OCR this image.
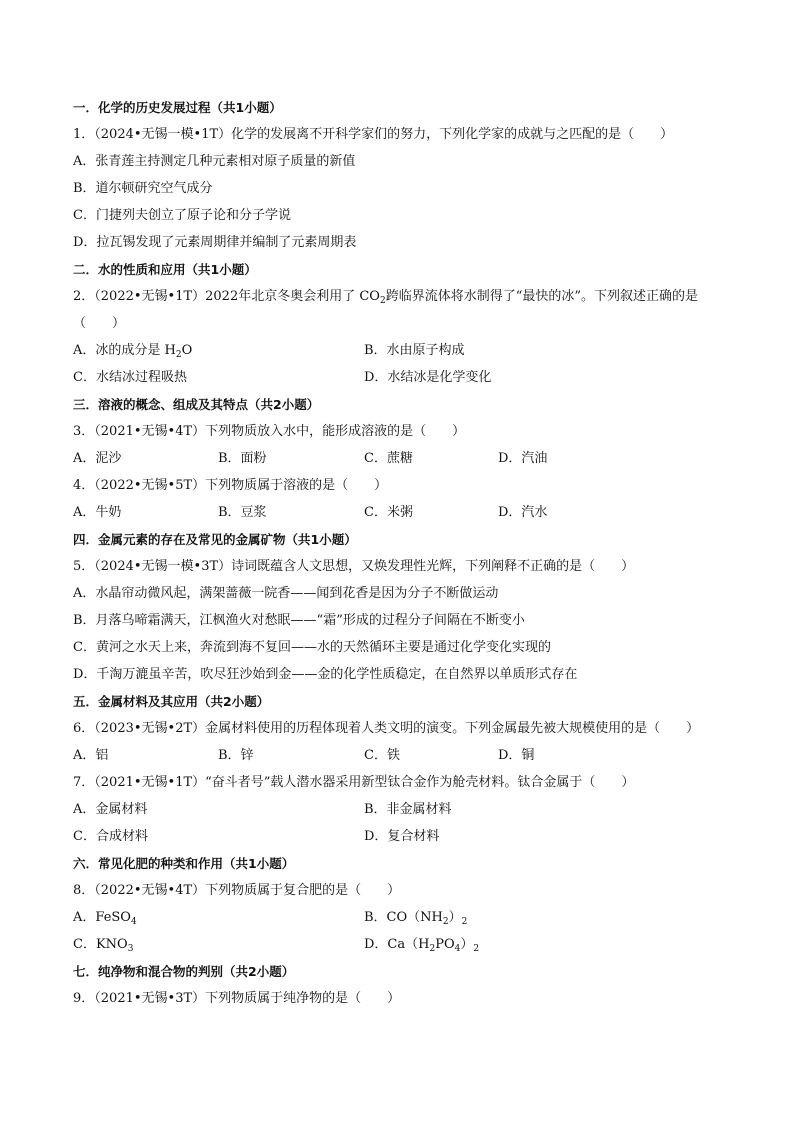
一．化学的历史发展过程（共1小题）
1．（2024•无锡一模•1T）化学的发展离不开科学家们的努力，下列化学家的成就与之匹配的是（　　）
A．张青莲主持测定几种元素相对原子质量的新值
B．道尔顿研究空气成分
C．门捷列夫创立了原子论和分子学说
D．拉瓦锡发现了元素周期律并编制了元素周期表
二．水的性质和应用（共1小题）
2．（2022•无锡•1T）2022年北京冬奥会利用了 $CO_2$跨临界流体将水制得了“最快的冰”。下列叙述正确的是
（　　）
A．冰的成分是 $H_2O$	B．水由原子构成
C．水结冰过程吸热	D．水结冰是化学变化
三．溶液的概念、组成及其特点（共2小题）
3．（2021•无锡•4T）下列物质放入水中，能形成溶液的是（　　）
A．泥沙	B．面粉	C．蔗糖	D．汽油
4．（2022•无锡•5T）下列物质属于溶液的是（　　）
A．牛奶	B．豆浆	C．米粥	D．汽水
四．金属元素的存在及常见的金属矿物（共1小题）
5．（2024•无锡一模•3T）诗词既蕴含人文思想，又焕发理性光辉，下列阐释不正确的是（　　）
A．水晶帘动微风起，满架蔷薇一院香——闻到花香是因为分子不断做运动
B．月落乌啼霜满天，江枫渔火对愁眠——“霜”形成的过程分子间隔在不断变小
C．黄河之水天上来，奔流到海不复回——水的天然循环主要是通过化学变化实现的
D．千淘万漉虽辛苦，吹尽狂沙始到金——金的化学性质稳定，在自然界以单质形式存在
五．金属材料及其应用（共2小题）
6．（2023•无锡•2T）金属材料使用的历程体现着人类文明的演变。下列金属最先被大规模使用的是（　　）
A．铝	B．锌	C．铁	D．铜
7．（2021•无锡•1T）“奋斗者号”载人潜水器采用新型钛合金作为舱壳材料。钛合金属于（　　）
A．金属材料	B．非金属材料
C．合成材料	D．复合材料
六．常见化肥的种类和作用（共1小题）
8．（2022•无锡•4T）下列物质属于复合肥的是（　　）
A．FeSO$_4$	B．$CO(NH_2)_2$
C．$KNO_3$	D．$Ca(H_2PO_4)_2$
七．纯净物和混合物的判别（共2小题）
9．（2021•无锡•3T）下列物质属于纯净物的是（　　）
